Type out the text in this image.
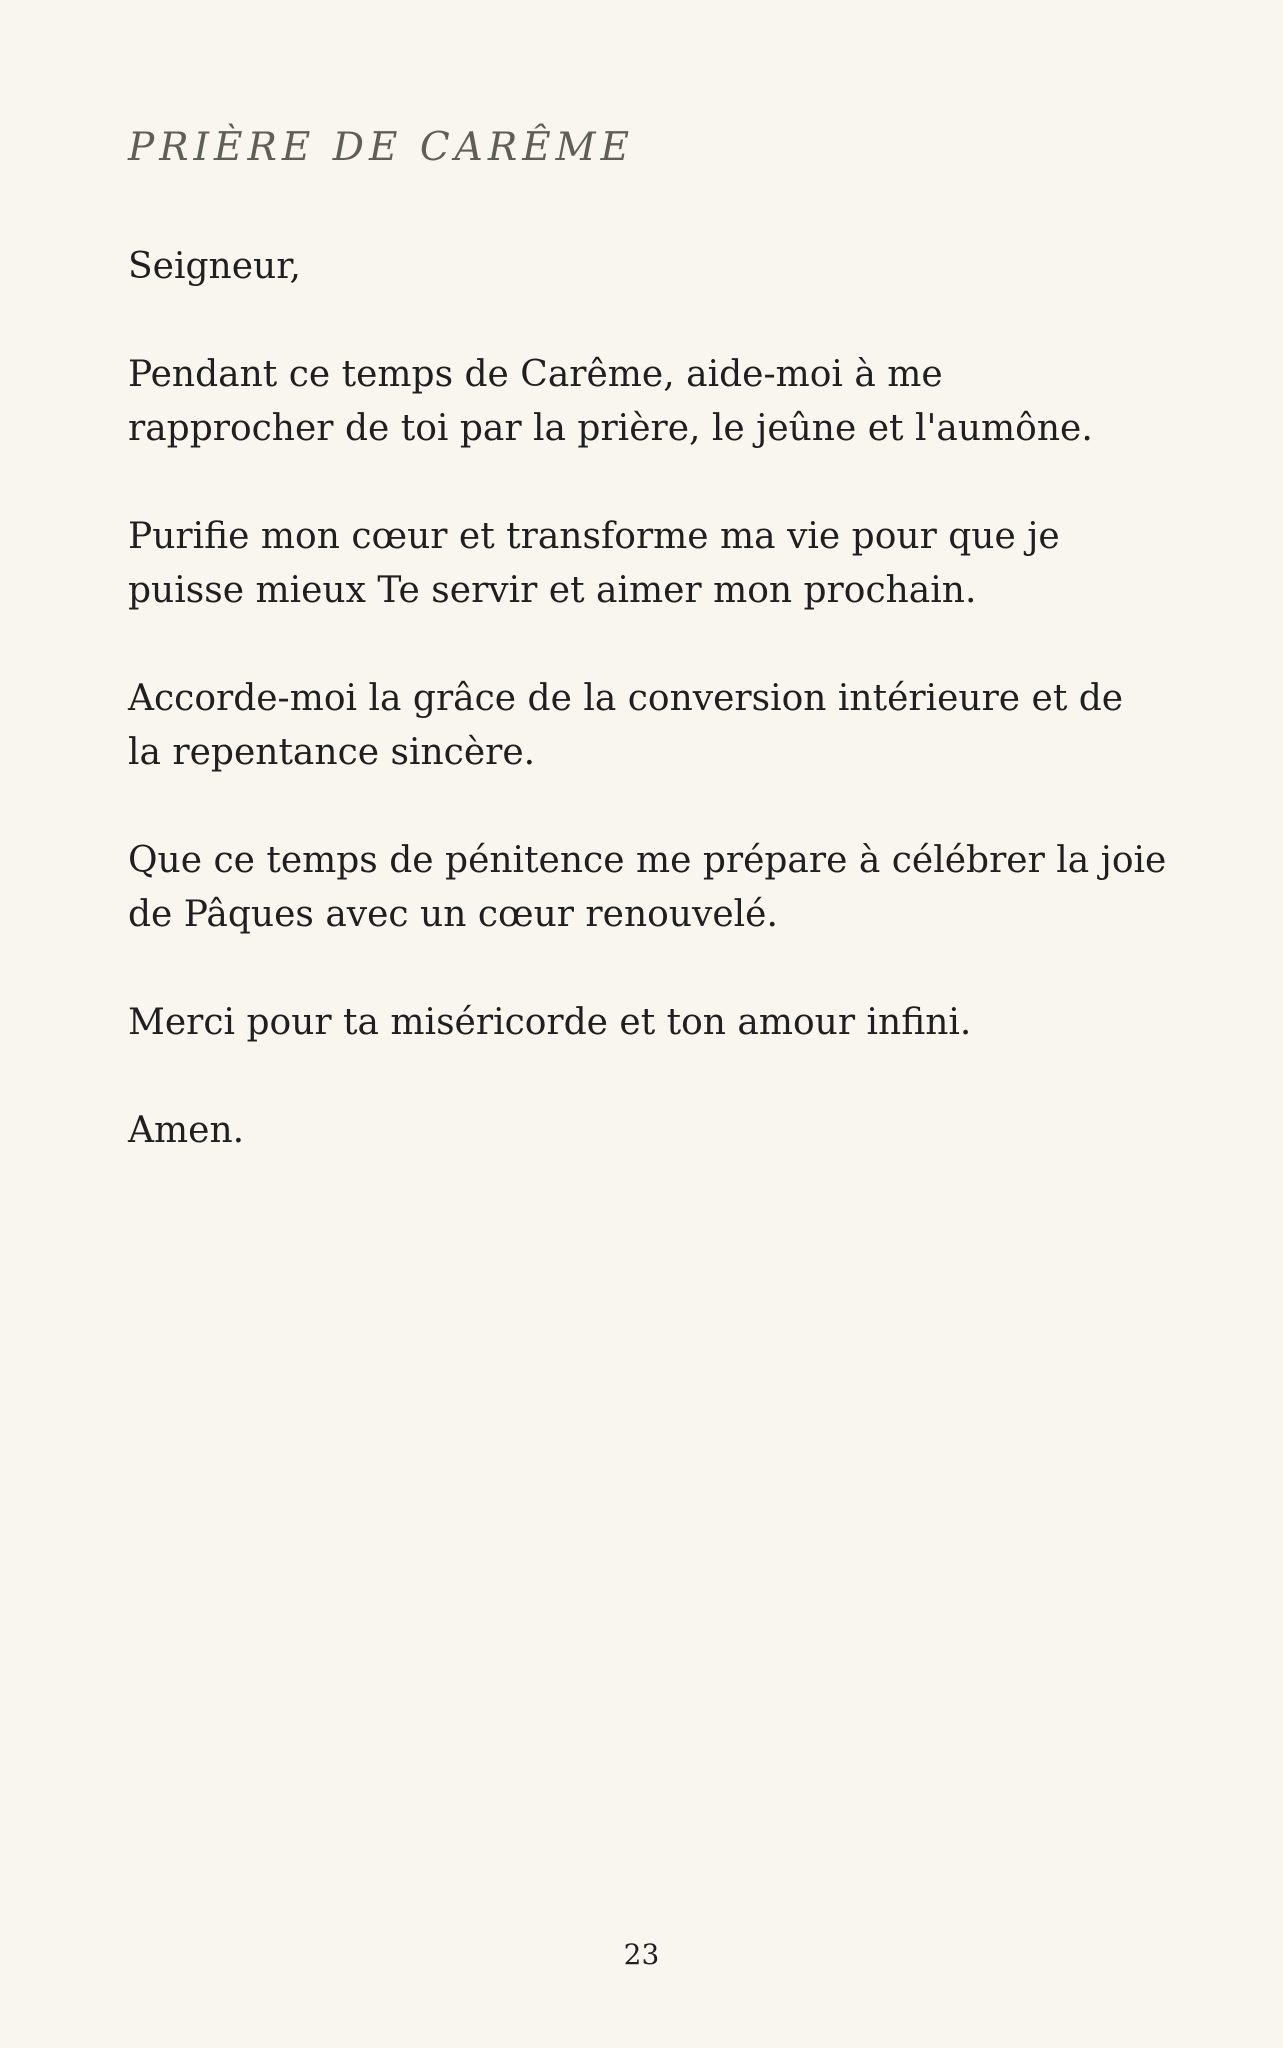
PRIÈRE DE CARÊME

Seigneur,

Pendant ce temps de Carême, aide-moi à me
rapprocher de toi par la prière, le jeûne et l'aumône.

Purifie mon cœur et transforme ma vie pour que je
puisse mieux Te servir et aimer mon prochain.

Accorde-moi la grâce de la conversion intérieure et de
la repentance sincère.

Que ce temps de pénitence me prépare à célébrer la joie
de Pâques avec un cœur renouvelé.

Merci pour ta miséricorde et ton amour infini.

Amen.

23
